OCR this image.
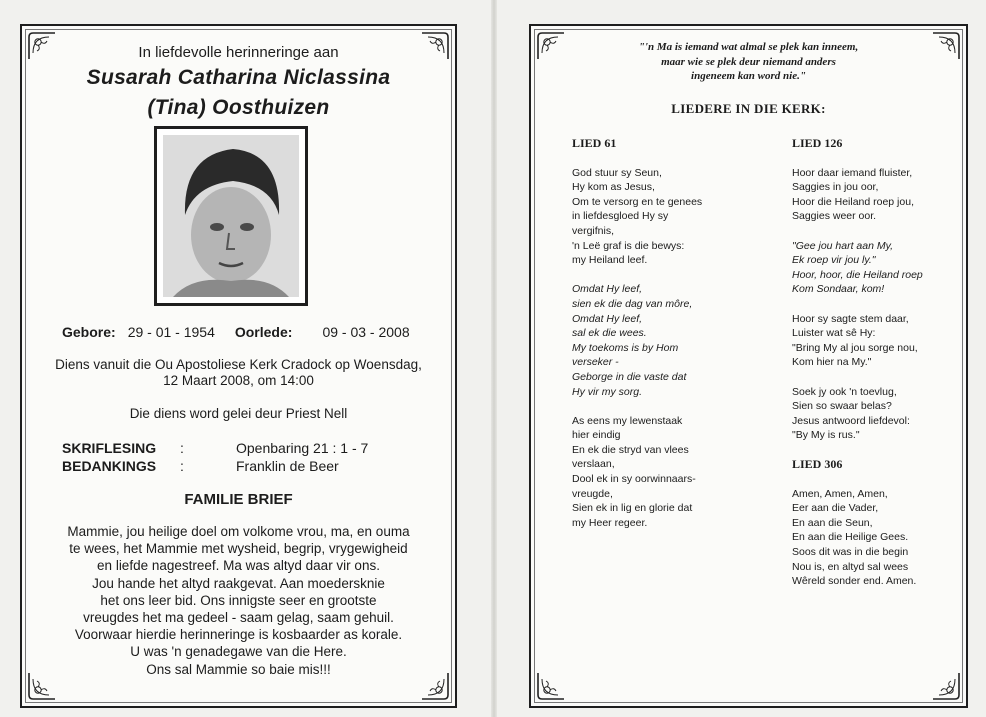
In liefdevolle herinneringe aan
Susarah Catharina Niclassina
(Tina) Oosthuizen
Gebore: 29 - 01 - 1954 Oorlede: 09 - 03 - 2008
Diens vanuit die Ou Apostoliese Kerk Cradock op Woensdag,
12 Maart 2008, om 14:00
Die diens word gelei deur Priest Nell
SKRIFLESING :	Openbaring 21 : 1 - 7
BEDANKINGS :	Franklin de Beer
FAMILIE BRIEF
Mammie, jou heilige doel om volkome vrou, ma, en ouma
te wees, het Mammie met wysheid, begrip, vrygewigheid
en liefde nagestreef. Ma was altyd daar vir ons.
Jou hande het altyd raakgevat. Aan moedersknie
het ons leer bid. Ons innigste seer en grootste
vreugdes het ma gedeel - saam gelag, saam gehuil.
Voorwaar hierdie herinneringe is kosbaarder as korale.
U was 'n genadegawe van die Here.
Ons sal Mammie so baie mis!!!
"'n Ma is iemand wat almal se plek kan inneem,
maar wie se plek deur niemand anders
ingeneem kan word nie."
LIEDERE IN DIE KERK:
LIED 61
God stuur sy Seun,
Hy kom as Jesus,
Om te versorg en te genees
in liefdesgloed Hy sy
vergifnis,
'n Leë graf is die bewys:
my Heiland leef.
Omdat Hy leef,
sien ek die dag van môre,
Omdat Hy leef,
sal ek die wees.
My toekoms is by Hom
verseker -
Geborge in die vaste dat
Hy vir my sorg.
As eens my lewenstaak
hier eindig
En ek die stryd van vlees
verslaan,
Dool ek in sy oorwinnaars-
vreugde,
Sien ek in lig en glorie dat
my Heer regeer.
LIED 126
Hoor daar iemand fluister,
Saggies in jou oor,
Hoor die Heiland roep jou,
Saggies weer oor.
"Gee jou hart aan My,
Ek roep vir jou ly."
Hoor, hoor, die Heiland roep
Kom Sondaar, kom!
Hoor sy sagte stem daar,
Luister wat sê Hy:
"Bring My al jou sorge nou,
Kom hier na My."
Soek jy ook 'n toevlug,
Sien so swaar belas?
Jesus antwoord liefdevol:
"By My is rus."
LIED 306
Amen, Amen, Amen,
Eer aan die Vader,
En aan die Seun,
En aan die Heilige Gees.
Soos dit was in die begin
Nou is, en altyd sal wees
Wêreld sonder end. Amen.
